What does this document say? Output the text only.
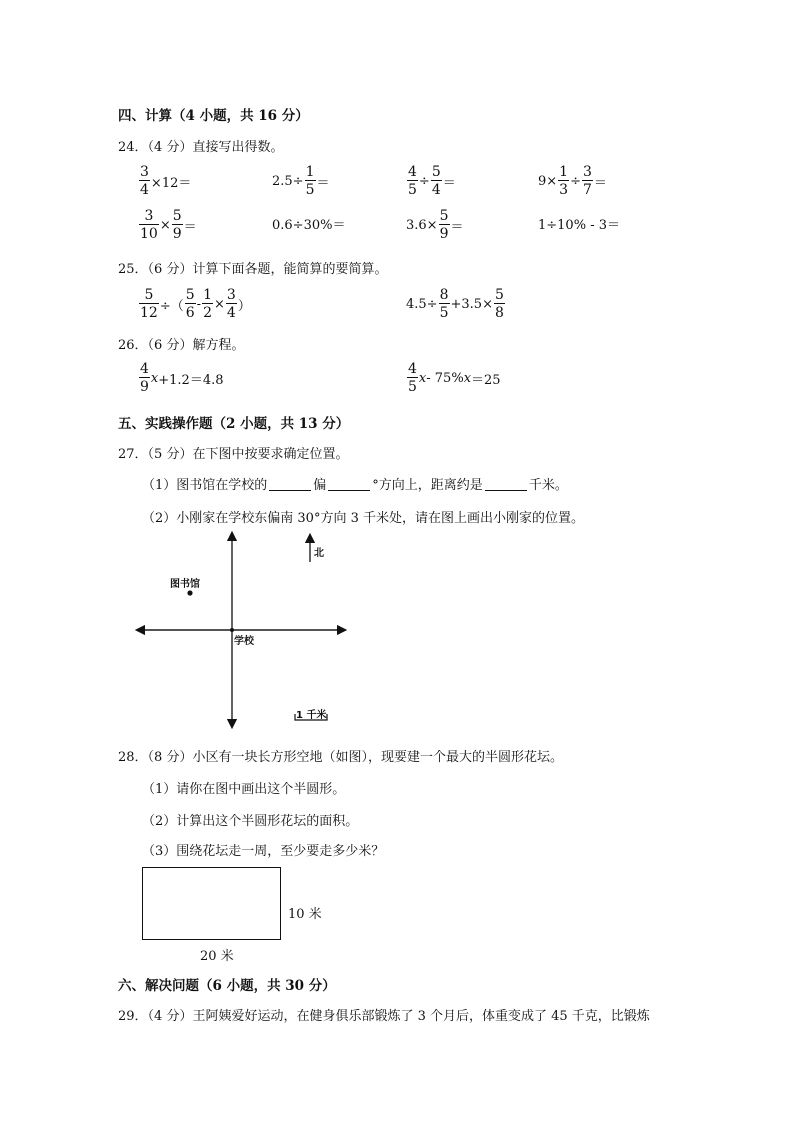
四、计算（4 小题，共 16 分）
24．（4 分）直接写出得数。
$\frac{3}{4} \times 12=$	$2.5\div \frac{1}{5}$ ＝	$\frac{4}{5} \div \frac{5}{4}$ ＝	$9\times \frac{1}{3} \div \frac{3}{7}$ ＝
$\frac{3}{10} \times \frac{5}{9}$ ＝	0.6÷30%＝	$3.6\times \frac{5}{9}$ ＝	1÷10% - 3＝
25．（6 分）计算下面各题，能简算的要简算。
$\frac{5}{12}$ ÷（ $\frac{5}{6} - \frac{1}{2} \times \frac{3}{4}$ ）	$4.5\div \frac{8}{5} +3.5\times \frac{5}{8}$
26．（6 分）解方程。
$\frac{4}{9}$ x +1.2＝4.8	$\frac{4}{5}$ x - 75% x ＝25
五、实践操作题（2 小题，共 13 分）
27．（5 分）在下图中按要求确定位置。
（1）图书馆在学校的	偏	°方向上，距离约是	千米。
（2）小刚家在学校东偏南 30°方向 3 千米处，请在图上画出小刚家的位置。
图书馆
学校
北
1 千米
28．（8 分）小区有一块长方形空地（如图），现要建一个最大的半圆形花坛。
（1）请你在图中画出这个半圆形。
（2）计算出这个半圆形花坛的面积。
（3）围绕花坛走一周，至少要走多少米？
10 米
20 米
六、解决问题（6 小题，共 30 分）
29．（4 分）王阿姨爱好运动，在健身俱乐部锻炼了 3 个月后，体重变成了 45 千克，比锻炼
